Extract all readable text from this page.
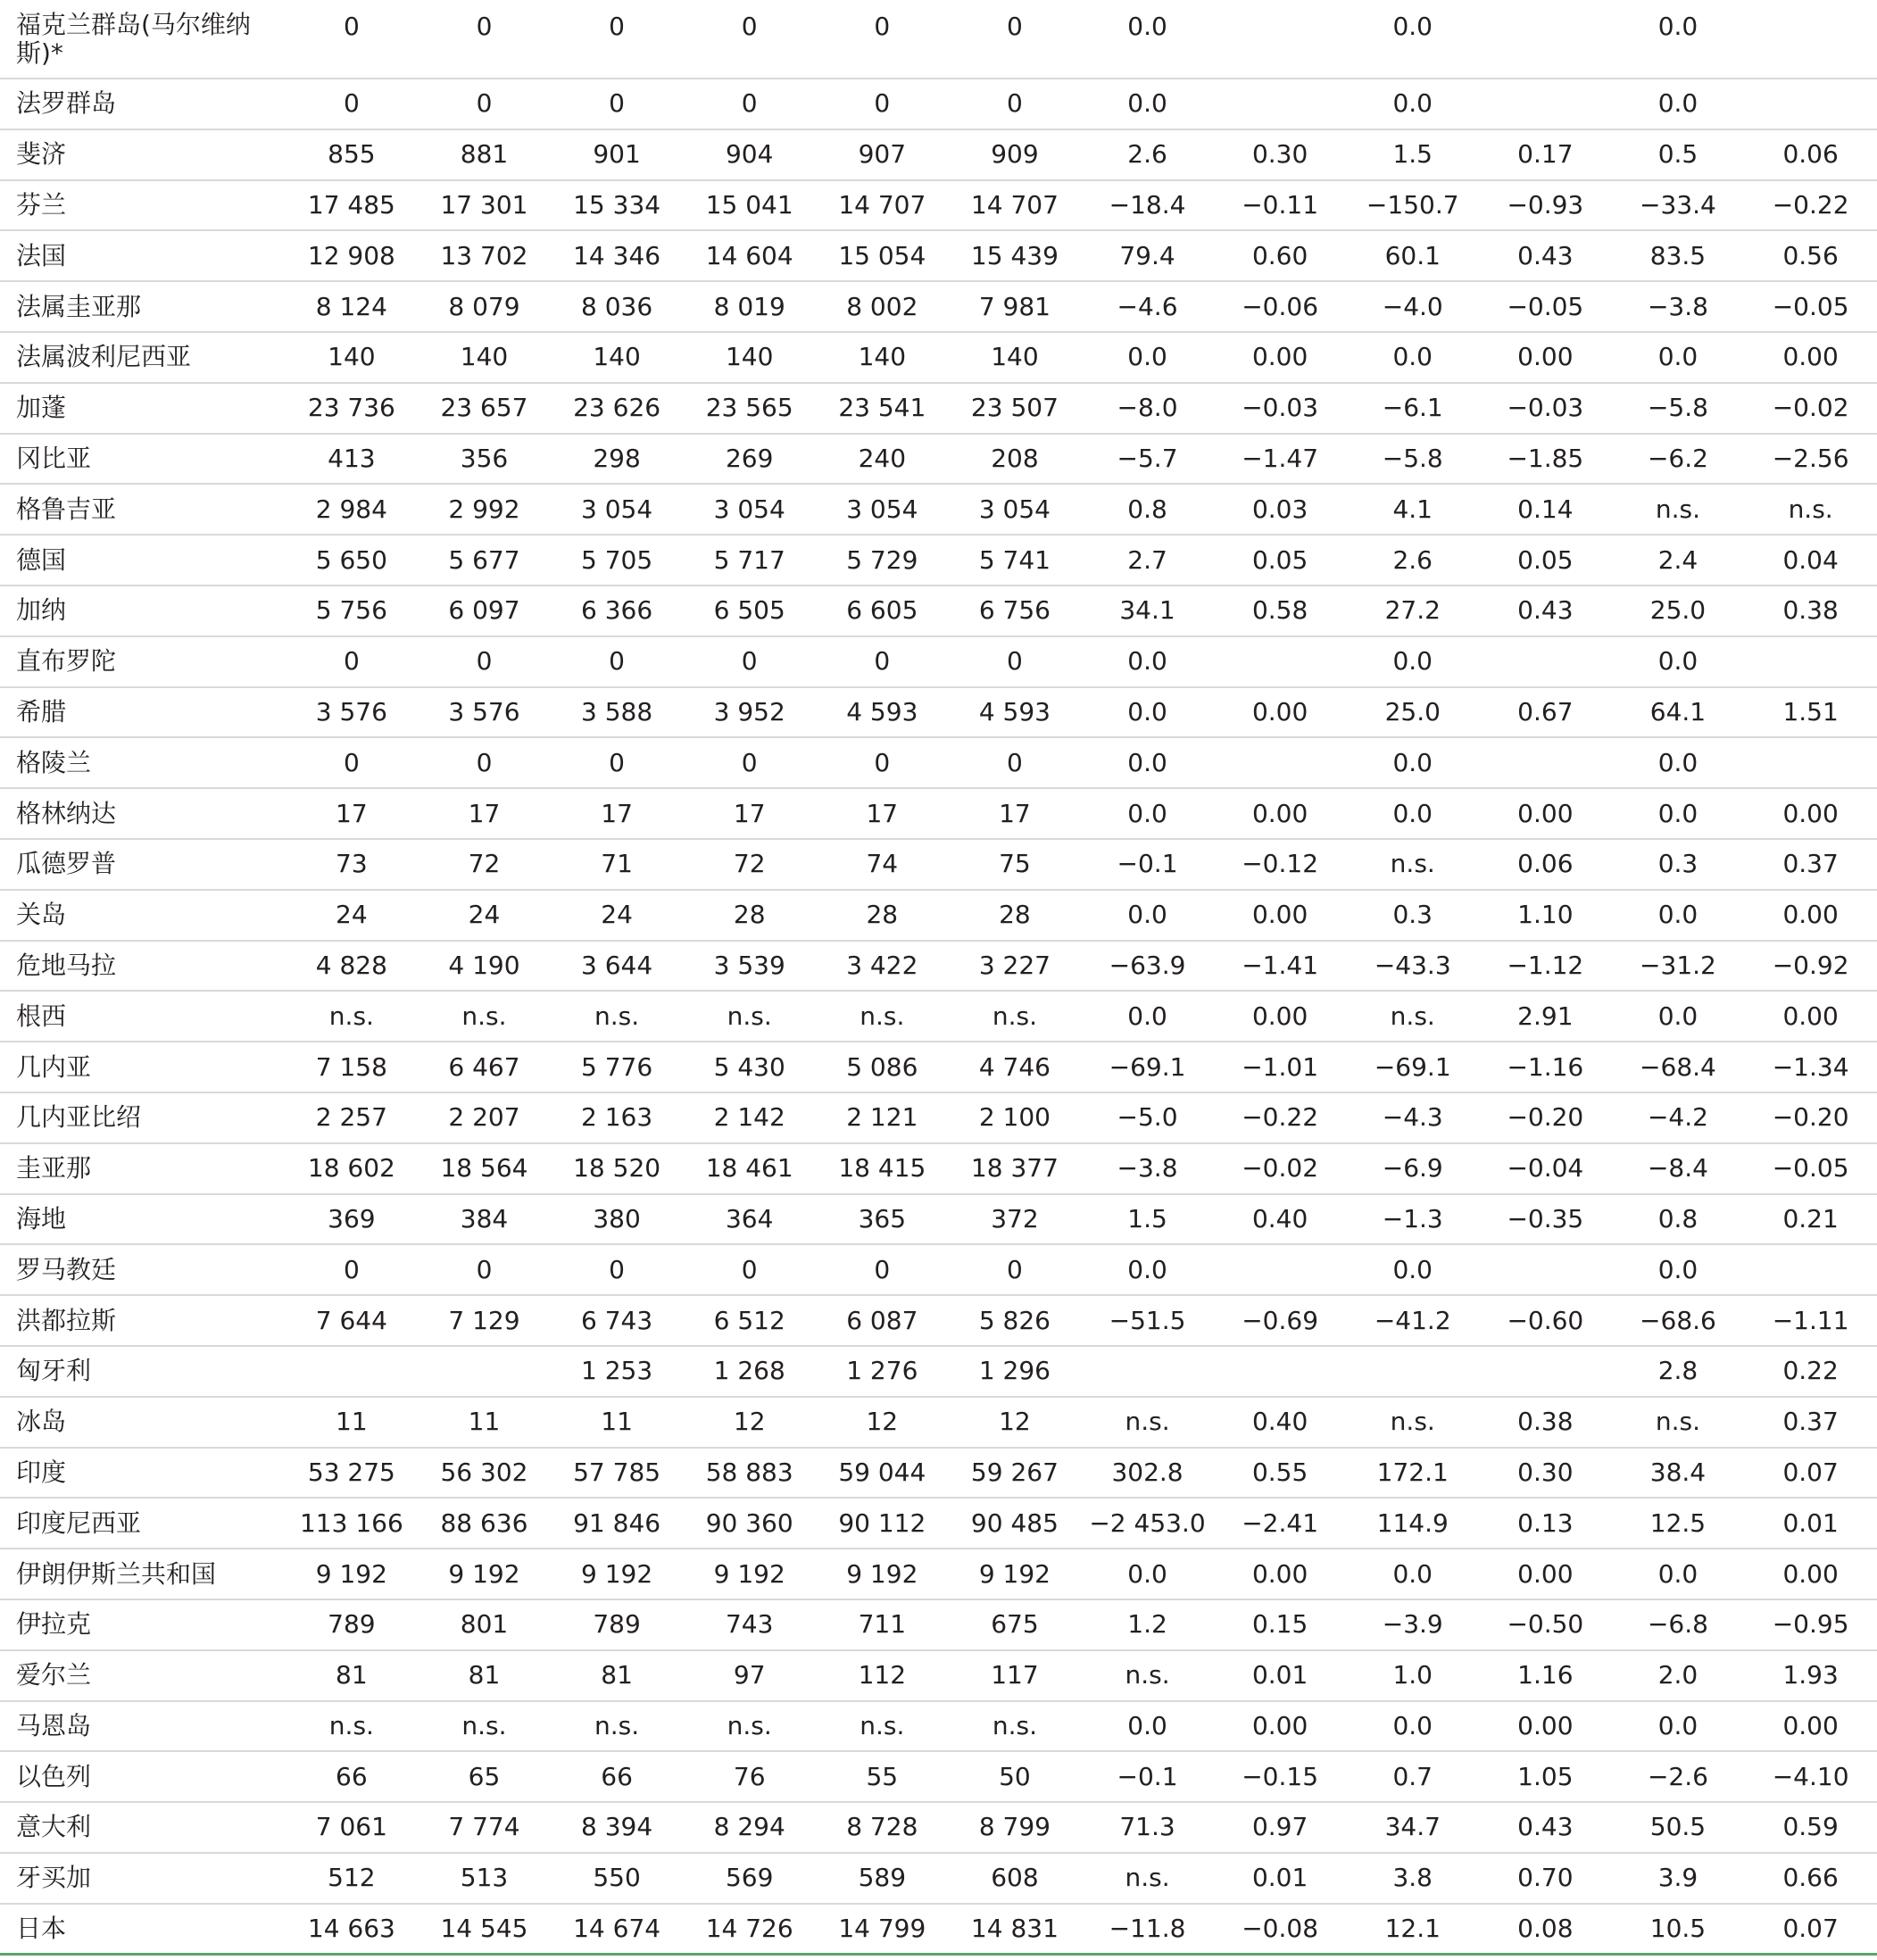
福克兰群岛(马尔维纳斯)*	0	0	0	0	0	0	0.0		0.0		0.0	
法罗群岛	0	0	0	0	0	0	0.0		0.0		0.0	
斐济	855	881	901	904	907	909	2.6	0.30	1.5	0.17	0.5	0.06
芬兰	17 485	17 301	15 334	15 041	14 707	14 707	−18.4	−0.11	−150.7	−0.93	−33.4	−0.22
法国	12 908	13 702	14 346	14 604	15 054	15 439	79.4	0.60	60.1	0.43	83.5	0.56
法属圭亚那	8 124	8 079	8 036	8 019	8 002	7 981	−4.6	−0.06	−4.0	−0.05	−3.8	−0.05
法属波利尼西亚	140	140	140	140	140	140	0.0	0.00	0.0	0.00	0.0	0.00
加蓬	23 736	23 657	23 626	23 565	23 541	23 507	−8.0	−0.03	−6.1	−0.03	−5.8	−0.02
冈比亚	413	356	298	269	240	208	−5.7	−1.47	−5.8	−1.85	−6.2	−2.56
格鲁吉亚	2 984	2 992	3 054	3 054	3 054	3 054	0.8	0.03	4.1	0.14	n.s.	n.s.
德国	5 650	5 677	5 705	5 717	5 729	5 741	2.7	0.05	2.6	0.05	2.4	0.04
加纳	5 756	6 097	6 366	6 505	6 605	6 756	34.1	0.58	27.2	0.43	25.0	0.38
直布罗陀	0	0	0	0	0	0	0.0		0.0		0.0	
希腊	3 576	3 576	3 588	3 952	4 593	4 593	0.0	0.00	25.0	0.67	64.1	1.51
格陵兰	0	0	0	0	0	0	0.0		0.0		0.0	
格林纳达	17	17	17	17	17	17	0.0	0.00	0.0	0.00	0.0	0.00
瓜德罗普	73	72	71	72	74	75	−0.1	−0.12	n.s.	0.06	0.3	0.37
关岛	24	24	24	28	28	28	0.0	0.00	0.3	1.10	0.0	0.00
危地马拉	4 828	4 190	3 644	3 539	3 422	3 227	−63.9	−1.41	−43.3	−1.12	−31.2	−0.92
根西	n.s.	n.s.	n.s.	n.s.	n.s.	n.s.	0.0	0.00	n.s.	2.91	0.0	0.00
几内亚	7 158	6 467	5 776	5 430	5 086	4 746	−69.1	−1.01	−69.1	−1.16	−68.4	−1.34
几内亚比绍	2 257	2 207	2 163	2 142	2 121	2 100	−5.0	−0.22	−4.3	−0.20	−4.2	−0.20
圭亚那	18 602	18 564	18 520	18 461	18 415	18 377	−3.8	−0.02	−6.9	−0.04	−8.4	−0.05
海地	369	384	380	364	365	372	1.5	0.40	−1.3	−0.35	0.8	0.21
罗马教廷	0	0	0	0	0	0	0.0		0.0		0.0	
洪都拉斯	7 644	7 129	6 743	6 512	6 087	5 826	−51.5	−0.69	−41.2	−0.60	−68.6	−1.11
匈牙利			1 253	1 268	1 276	1 296					2.8	0.22
冰岛	11	11	11	12	12	12	n.s.	0.40	n.s.	0.38	n.s.	0.37
印度	53 275	56 302	57 785	58 883	59 044	59 267	302.8	0.55	172.1	0.30	38.4	0.07
印度尼西亚	113 166	88 636	91 846	90 360	90 112	90 485	−2 453.0	−2.41	114.9	0.13	12.5	0.01
伊朗伊斯兰共和国	9 192	9 192	9 192	9 192	9 192	9 192	0.0	0.00	0.0	0.00	0.0	0.00
伊拉克	789	801	789	743	711	675	1.2	0.15	−3.9	−0.50	−6.8	−0.95
爱尔兰	81	81	81	97	112	117	n.s.	0.01	1.0	1.16	2.0	1.93
马恩岛	n.s.	n.s.	n.s.	n.s.	n.s.	n.s.	0.0	0.00	0.0	0.00	0.0	0.00
以色列	66	65	66	76	55	50	−0.1	−0.15	0.7	1.05	−2.6	−4.10
意大利	7 061	7 774	8 394	8 294	8 728	8 799	71.3	0.97	34.7	0.43	50.5	0.59
牙买加	512	513	550	569	589	608	n.s.	0.01	3.8	0.70	3.9	0.66
日本	14 663	14 545	14 674	14 726	14 799	14 831	−11.8	−0.08	12.1	0.08	10.5	0.07
